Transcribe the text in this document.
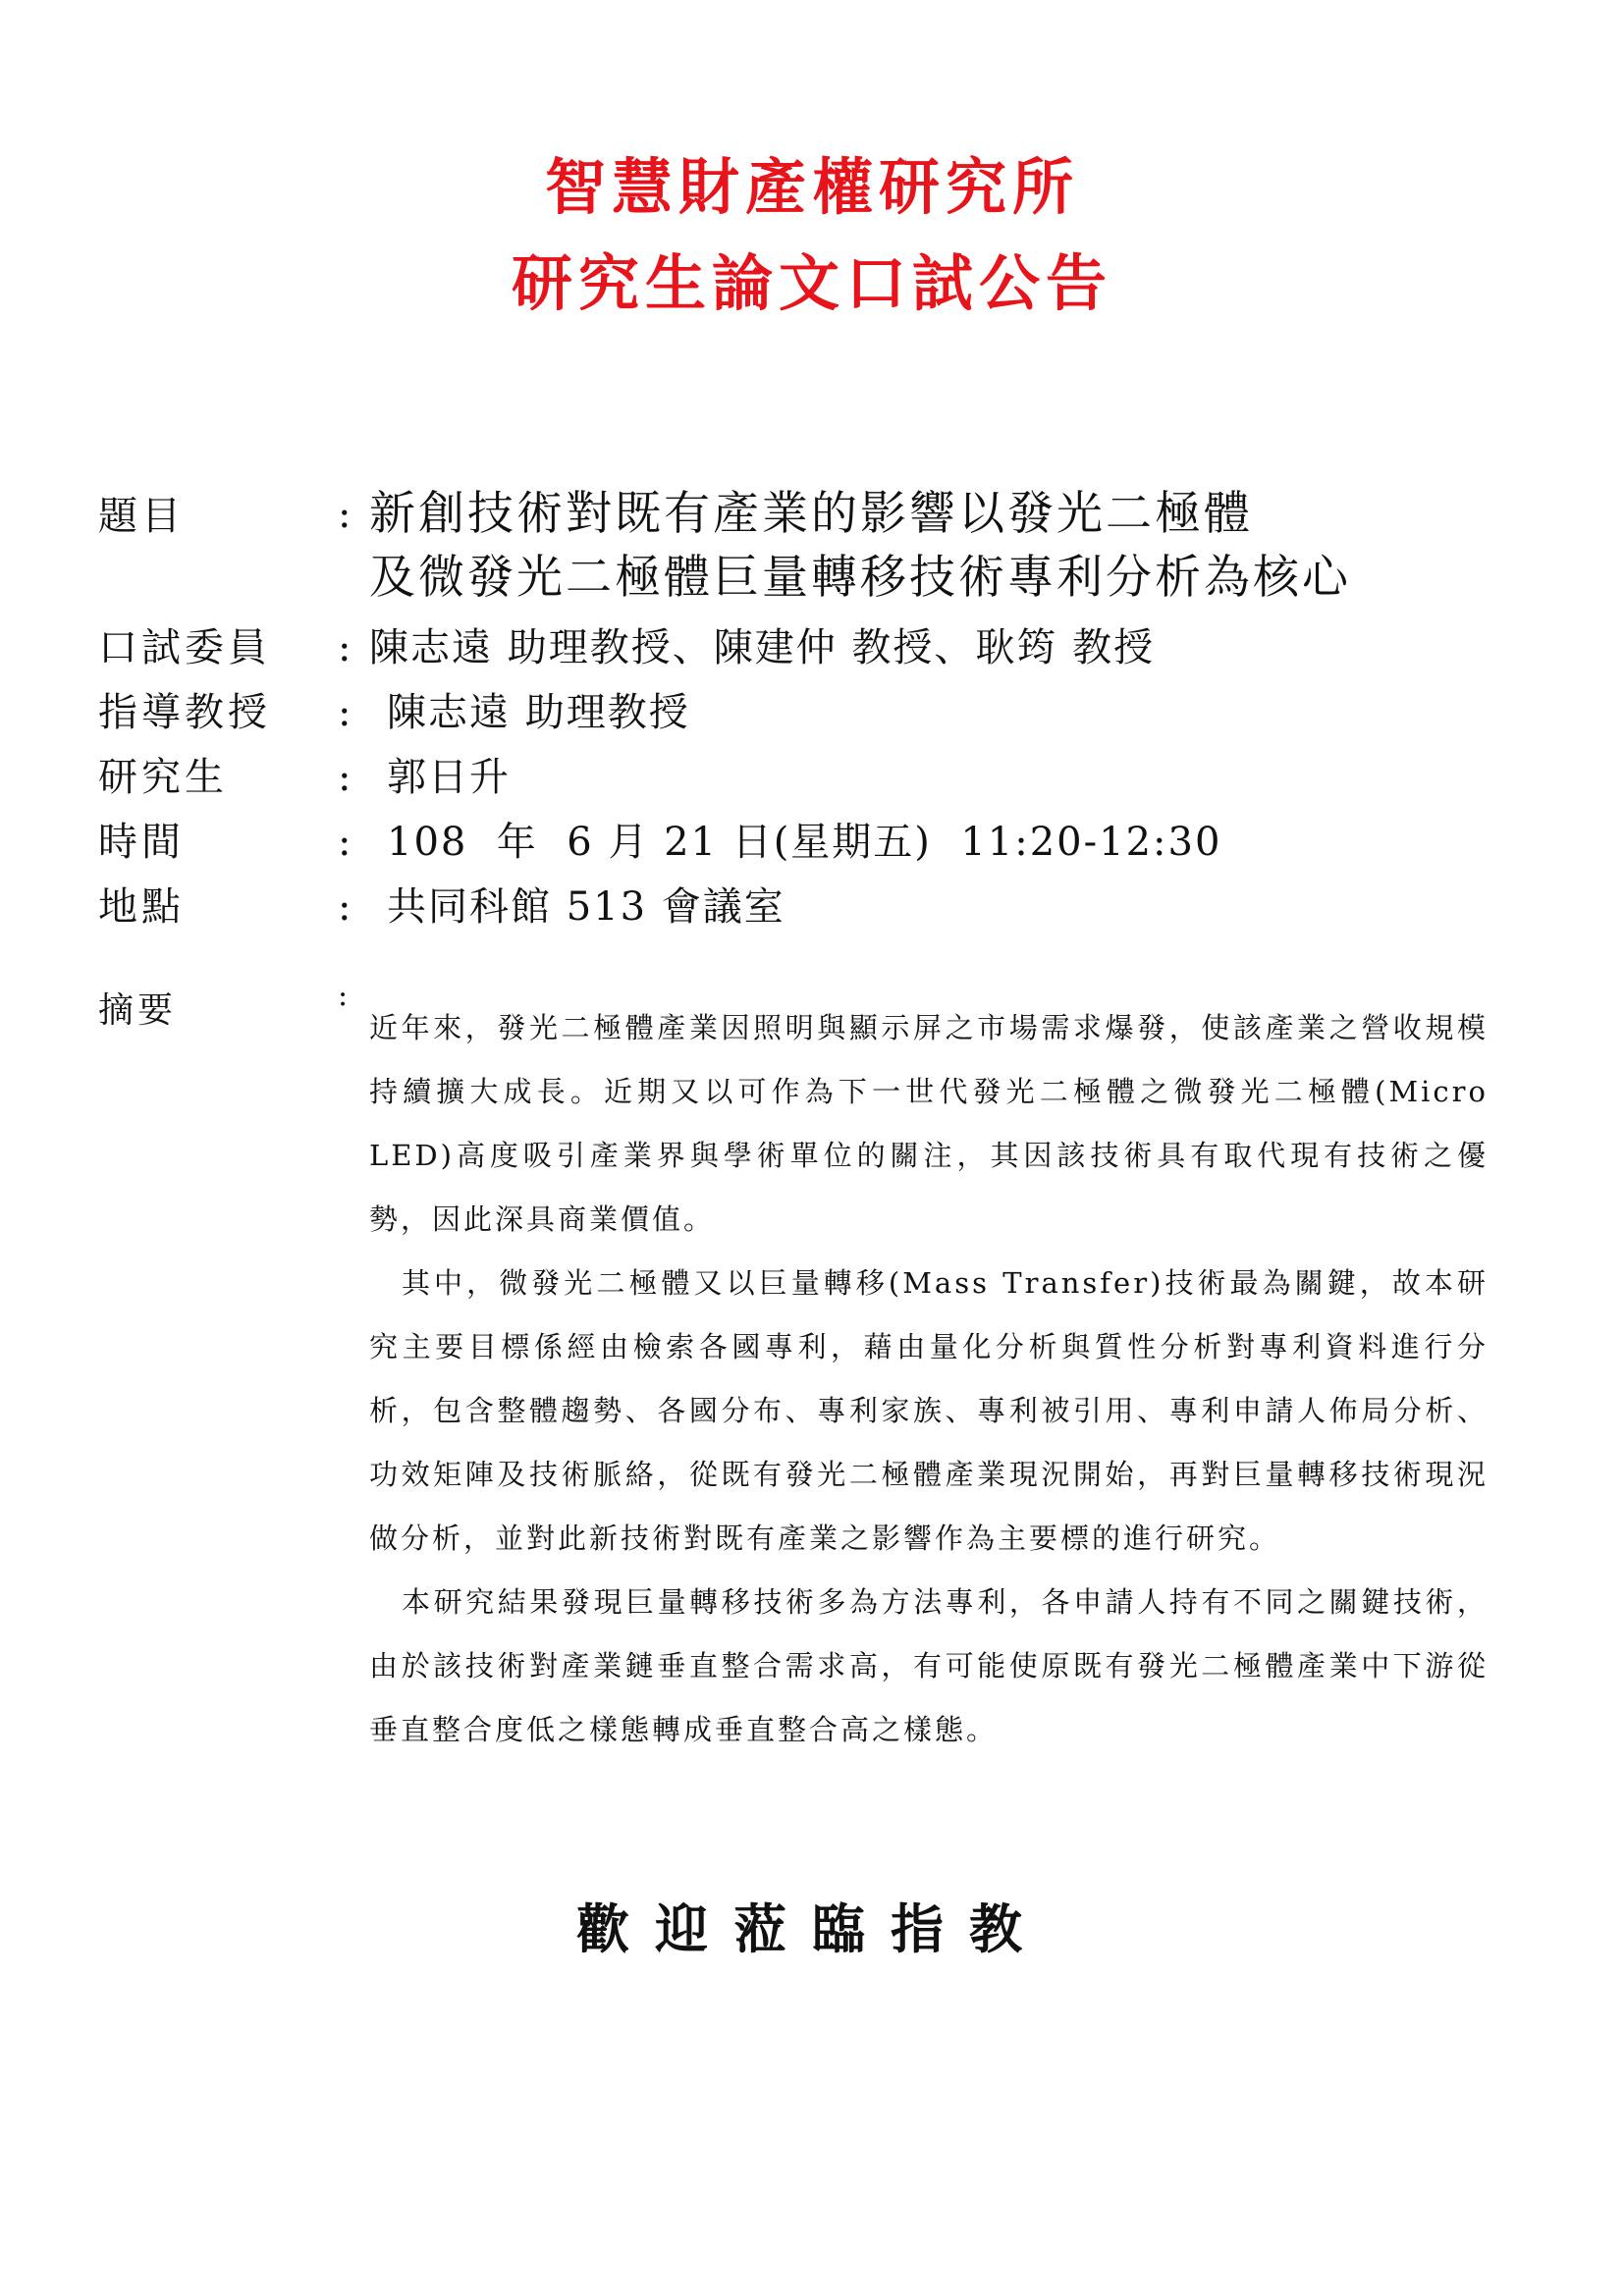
智慧財產權研究所
研究生論文口試公告
題目	: 新創技術對既有產業的影響以發光二極體
及微發光二極體巨量轉移技術專利分析為核心
口試委員 : 陳志遠 助理教授、陳建仲 教授、耿筠 教授
指導教授 : 陳志遠 助理教授
研究生	: 郭日升
時間	: 108  年  6 月 21 日(星期五)  11:20-12:30
地點	: 共同科館 513 會議室
摘要	:

近年來，發光二極體產業因照明與顯示屏之市場需求爆發，使該產業之營收規模持續擴大成長。近期又以可作為下一世代發光二極體之微發光二極體(Micro LED)高度吸引產業界與學術單位的關注，其因該技術具有取代現有技術之優勢，因此深具商業價值。

其中，微發光二極體又以巨量轉移(Mass Transfer)技術最為關鍵，故本研究主要目標係經由檢索各國專利，藉由量化分析與質性分析對專利資料進行分析，包含整體趨勢、各國分布、專利家族、專利被引用、專利申請人佈局分析、功效矩陣及技術脈絡，從既有發光二極體產業現況開始，再對巨量轉移技術現況做分析，並對此新技術對既有產業之影響作為主要標的進行研究。

本研究結果發現巨量轉移技術多為方法專利，各申請人持有不同之關鍵技術，由於該技術對產業鏈垂直整合需求高，有可能使原既有發光二極體產業中下游從垂直整合度低之樣態轉成垂直整合高之樣態。

歡迎蒞臨指教
